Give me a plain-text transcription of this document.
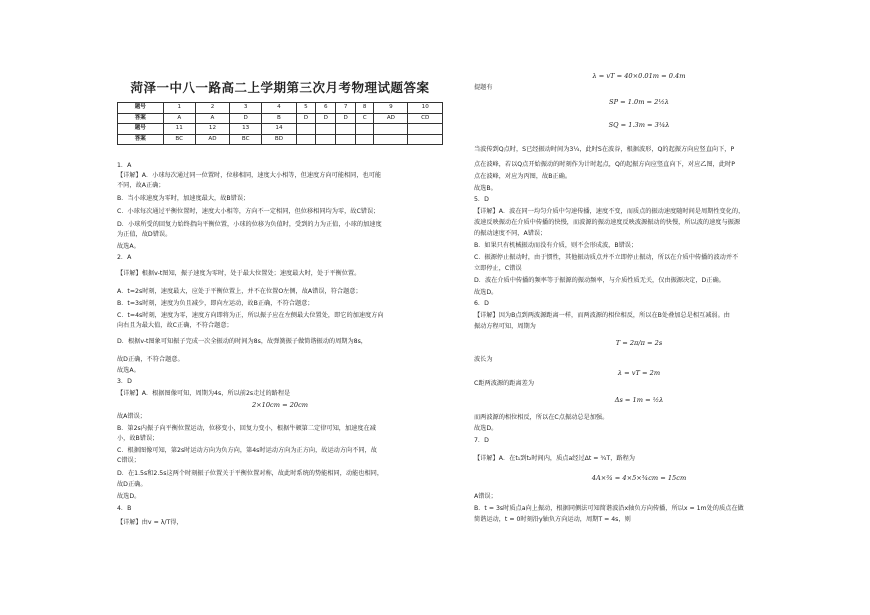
菏泽一中八一路高二上学期第三次月考物理试题答案
题号	1	2	3	4	5	6	7	8	9	10
答案	A	A	D	B	D	D	D	C	AD	CD
题号	11	12	13	14						
答案	BC	AD	BC	BD						
1．A
【详解】A．小球每次通过同一位置时，位移相同，速度大小相等，但速度方向可能相同，也可能
不同，故A正确；
B．当小球速度为零时，加速度最大，故B错误；
C．小球每次通过平衡位置时，速度大小相等，方向不一定相同，但位移相同均为零，故C错误；
D．小球所受的回复力始终指向平衡位置，小球的位移为负值时，受到的力为正值，小球的加速度
为正值，故D错误。
故选A。
2．A
【详解】根据v-t图知，振子速度为零时，处于最大位置处；速度最大时，处于平衡位置。
A．t=2s时刻，速度最大，应处于平衡位置上，并不在位置O左侧，故A错误，符合题意；
B．t=3s时刻，速度为负且减少，即向左运动，故B正确，不符合题意；
C．t=4s时刻，速度为零，速度方向即将为正，所以振子应在左侧最大位置处，即它的加速度方向
向右且为最大值，故C正确，不符合题意；
D．根据v-t图象可知振子完成一次全振动的时间为8s，故弹簧振子做简谐振动的周期为8s，
故D正确，不符合题意。
故选A。
3．D
【详解】A．根据图像可知，周期为4s，所以前2s走过的路程是
2×10cm = 20cm
故A错误；
B．第2s内振子向平衡位置运动，位移变小，回复力变小，根据牛顿第二定律可知，加速度在减
小，故B错误；
C．根据图像可知，第2s时运动方向为负方向，第4s时运动方向为正方向，故运动方向不同，故
C错误；
D．在1.5s和2.5s这两个时刻振子位置关于平衡位置对称，故此时系统的势能相同，动能也相同，
故D正确。
故选D。
4．B
【详解】由v = λ/T得，
λ = vT = 40×0.01m = 0.4m
提题有
SP = 1.0m = 2½λ
SQ = 1.3m = 3¼λ
当波传到Q点时，S已经振动时间为3¼，此时S在波谷，根据波形，Q的起振方向应竖直向下，P
点在波峰，若以Q点开始振动的时刻作为计时起点，Q的起振方向应竖直向下，对应乙图，此时P
点在波峰，对应为丙图，故B正确。
故选B。
5．D
【详解】A．波在同一均匀介质中匀速传播，速度不变，而质点的振动速度随时间是周期性变化的，
波速反映振动在介质中传播的快慢，而波源的振动速度反映波源振动的快慢，所以波的速度与振源
的振动速度不同，A错误；
B．如果只有机械振动而没有介质，则不会形成波，B错误；
C．振源停止振动时，由于惯性，其他振动质点并不立即停止振动，所以在介质中传播的波动并不
立即停止，C错误
D．波在介质中传播的频率等于振源的振动频率，与介质性质无关，仅由振源决定，D正确。
故选D。
6．D
【详解】因为B点到两波源距离一样，而两波源的相位相反，所以在B处叠加总是相互减弱。由
振动方程可知，周期为
T = 2π/π = 2s
波长为
λ = vT = 2m
C距两波源的距离差为
Δs = 1m = ½λ
而两波源的相位相反，所以在C点振动总是加强。
故选D。
7．D
【详解】A．在t₁到t₂时间内，质点a经过Δt = ¾T，路程为
4A×¾ = 4×5×¾cm = 15cm
A错误；
B．t = 3s时质点a向上振动，根据同侧法可知简谐波沿x轴负方向传播，所以x = 1m处的质点在做
简谐运动，t = 0时刻沿y轴负方向运动，周期T = 4s，则
